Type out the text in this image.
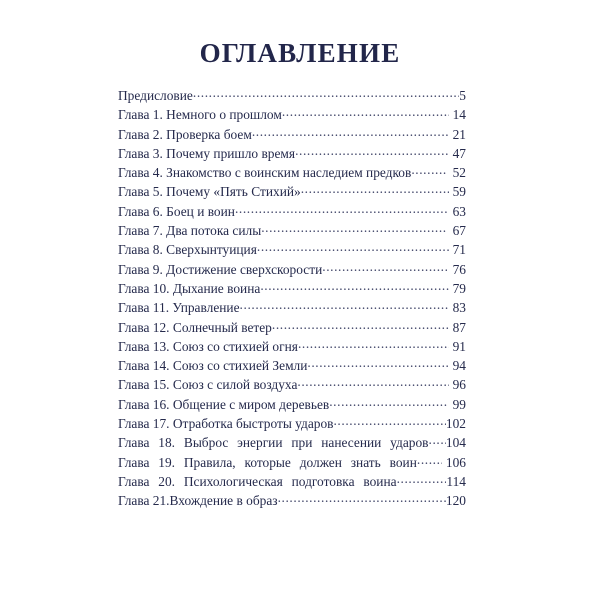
ОГЛАВЛЕНИЕ
Предисловие .....	5
Глава 1. Немного о прошлом .....	14
Глава 2. Проверка боем .....	21
Глава 3. Почему пришло время .....	47
Глава 4. Знакомство с воинским наследием предков .....	52
Глава 5. Почему «Пять Стихий» .....	59
Глава 6. Боец и воин .....	63
Глава 7. Два потока силы .....	67
Глава 8. Сверхынтуиция .....	71
Глава 9. Достижение сверхскорости .....	76
Глава 10. Дыхание воина .....	79
Глава 11. Управление .....	83
Глава 12. Солнечный ветер .....	87
Глава 13. Союз со стихией огня .....	91
Глава 14. Союз со стихией Земли .....	94
Глава 15. Союз с силой воздуха .....	96
Глава 16. Общение с миром деревьев .....	99
Глава 17. Отработка быстроты ударов .....	102
Глава 18. Выброс энергии при нанесении ударов ..... 104
Глава 19. Правила, которые должен знать воин ..... 106
Глава 20. Психологическая подготовка воина .....	114
Глава 21.Вхождение в образ .....	120
